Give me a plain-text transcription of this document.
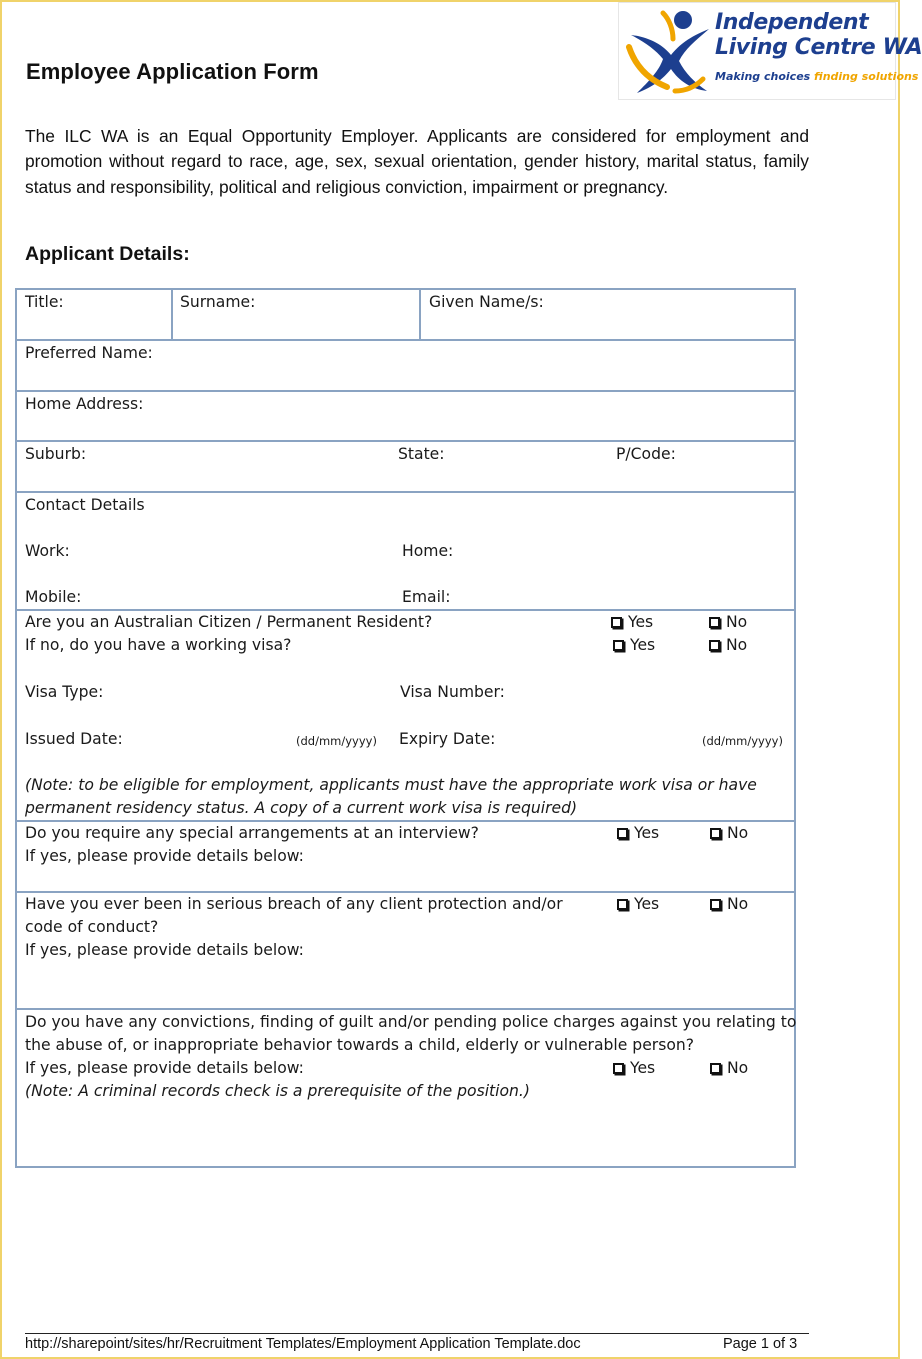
Employee Application Form
Independent
Living Centre WA
Making choices finding solutions
The ILC WA is an Equal Opportunity Employer. Applicants are considered for employment and promotion without regard to race, age, sex, sexual orientation, gender history, marital status, family status and responsibility, political and religious conviction, impairment or pregnancy.
Applicant Details:
Title:	Surname:	Given Name/s:
Preferred Name:
Home Address:
Suburb:	State:	P/Code:
Contact Details
Work:	Home:
Mobile:	Email:
Are you an Australian Citizen / Permanent Resident?	Yes	No
If no, do you have a working visa?	Yes	No
Visa Type:	Visa Number:
Issued Date:	(dd/mm/yyyy) Expiry Date:	(dd/mm/yyyy)
(Note: to be eligible for employment, applicants must have the appropriate work visa or have
permanent residency status. A copy of a current work visa is required)
Do you require any special arrangements at an interview?	Yes	No
If yes, please provide details below:
Have you ever been in serious breach of any client protection and/or	Yes	No
code of conduct?
If yes, please provide details below:
Do you have any convictions, finding of guilt and/or pending police charges against you relating to
the abuse of, or inappropriate behavior towards a child, elderly or vulnerable person?
If yes, please provide details below:	Yes	No
(Note: A criminal records check is a prerequisite of the position.)
http://sharepoint/sites/hr/Recruitment Templates/Employment Application Template.doc	Page 1 of 3
